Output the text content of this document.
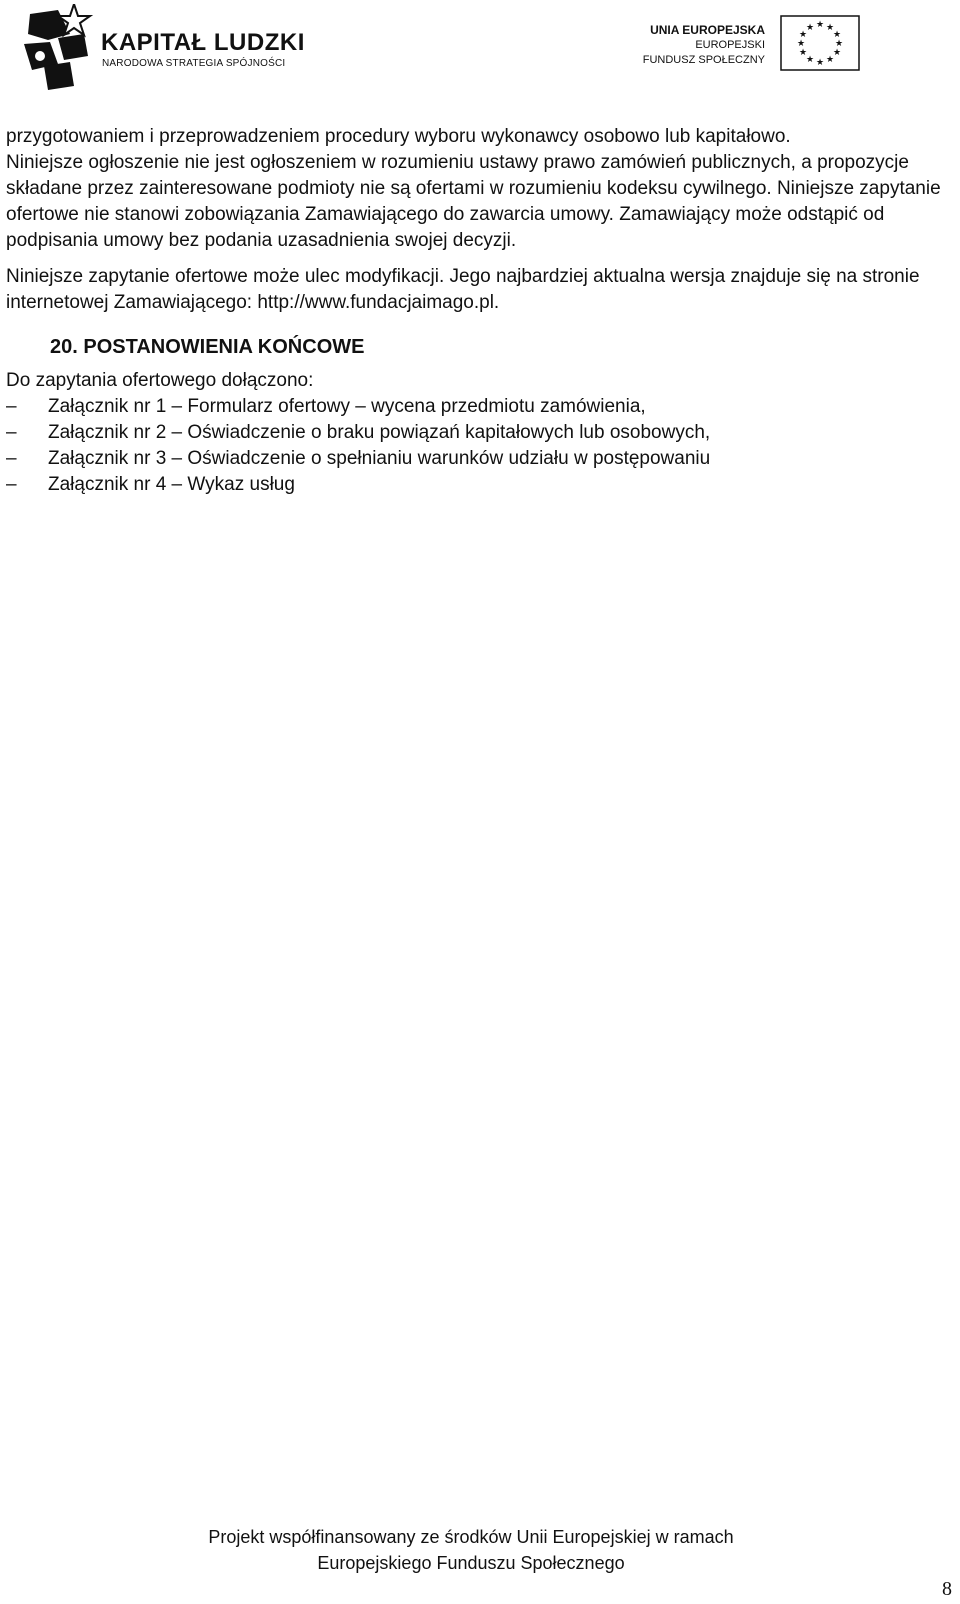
KAPITAŁ LUDZKI
NARODOWA STRATEGIA SPÓJNOŚCI
UNIA EUROPEJSKA
EUROPEJSKI
FUNDUSZ SPOŁECZNY
★ ★
★
★
★
★
★
★
★
★
★
★

przygotowaniem i przeprowadzeniem procedury wyboru wykonawcy osobowo lub kapitałowo.

Niniejsze ogłoszenie nie jest ogłoszeniem w rozumieniu ustawy prawo zamówień publicznych, a propozycje składane przez zainteresowane podmioty nie są ofertami w rozumieniu kodeksu cywilnego. Niniejsze zapytanie ofertowe nie stanowi zobowiązania Zamawiającego do zawarcia umowy. Zamawiający może odstąpić od podpisania umowy bez podania uzasadnienia swojej decyzji.

Niniejsze zapytanie ofertowe może ulec modyfikacji. Jego najbardziej aktualna wersja znajduje się na stronie internetowej Zamawiającego: http://www.fundacjaimago.pl.

20. POSTANOWIENIA KOŃCOWE

Do zapytania ofertowego dołączono:

–	Załącznik nr 1 – Formularz ofertowy – wycena przedmiotu zamówienia,
–	Załącznik nr 2 – Oświadczenie o braku powiązań kapitałowych lub osobowych,
–	Załącznik nr 3 – Oświadczenie o spełnianiu warunków udziału w postępowaniu
–	Załącznik nr 4 – Wykaz usług
Projekt współfinansowany ze środków Unii Europejskiej w ramach
Europejskiego Funduszu Społecznego
8
